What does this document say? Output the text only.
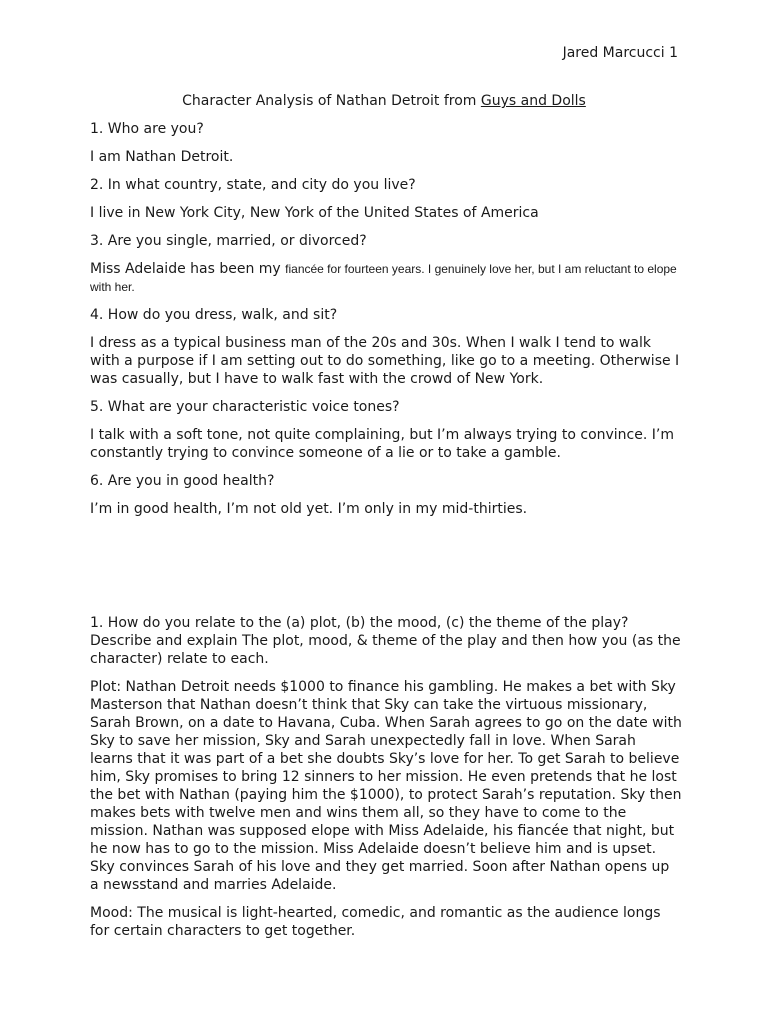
Jared Marcucci 1
Character Analysis of Nathan Detroit from Guys and Dolls

1. Who are you?

I am Nathan Detroit.

2. In what country, state, and city do you live?

I live in New York City, New York of the United States of America

3. Are you single, married, or divorced?

Miss Adelaide has been my fiancée for fourteen years. I genuinely love her, but I am reluctant to elope with her.

4. How do you dress, walk, and sit?

I dress as a typical business man of the 20s and 30s. When I walk I tend to walk with a purpose if I am setting out to do something, like go to a meeting. Otherwise I was casually, but I have to walk fast with the crowd of New York.

5. What are your characteristic voice tones?

I talk with a soft tone, not quite complaining, but I’m always trying to convince. I’m constantly trying to convince someone of a lie or to take a gamble.

6. Are you in good health?

I’m in good health, I’m not old yet. I’m only in my mid-thirties.

1. How do you relate to the (a) plot, (b) the mood, (c) the theme of the play? Describe and explain The plot, mood, & theme of the play and then how you (as the character) relate to each.

Plot: Nathan Detroit needs $1000 to finance his gambling. He makes a bet with Sky Masterson that Nathan doesn’t think that Sky can take the virtuous missionary, Sarah Brown, on a date to Havana, Cuba. When Sarah agrees to go on the date with Sky to save her mission, Sky and Sarah unexpectedly fall in love. When Sarah learns that it was part of a bet she doubts Sky’s love for her. To get Sarah to believe him, Sky promises to bring 12 sinners to her mission. He even pretends that he lost the bet with Nathan (paying him the $1000), to protect Sarah’s reputation. Sky then makes bets with twelve men and wins them all, so they have to come to the mission. Nathan was supposed elope with Miss Adelaide, his fiancée that night, but he now has to go to the mission. Miss Adelaide doesn’t believe him and is upset. Sky convinces Sarah of his love and they get married. Soon after Nathan opens up a newsstand and marries Adelaide.

Mood: The musical is light-hearted, comedic, and romantic as the audience longs for certain characters to get together.
